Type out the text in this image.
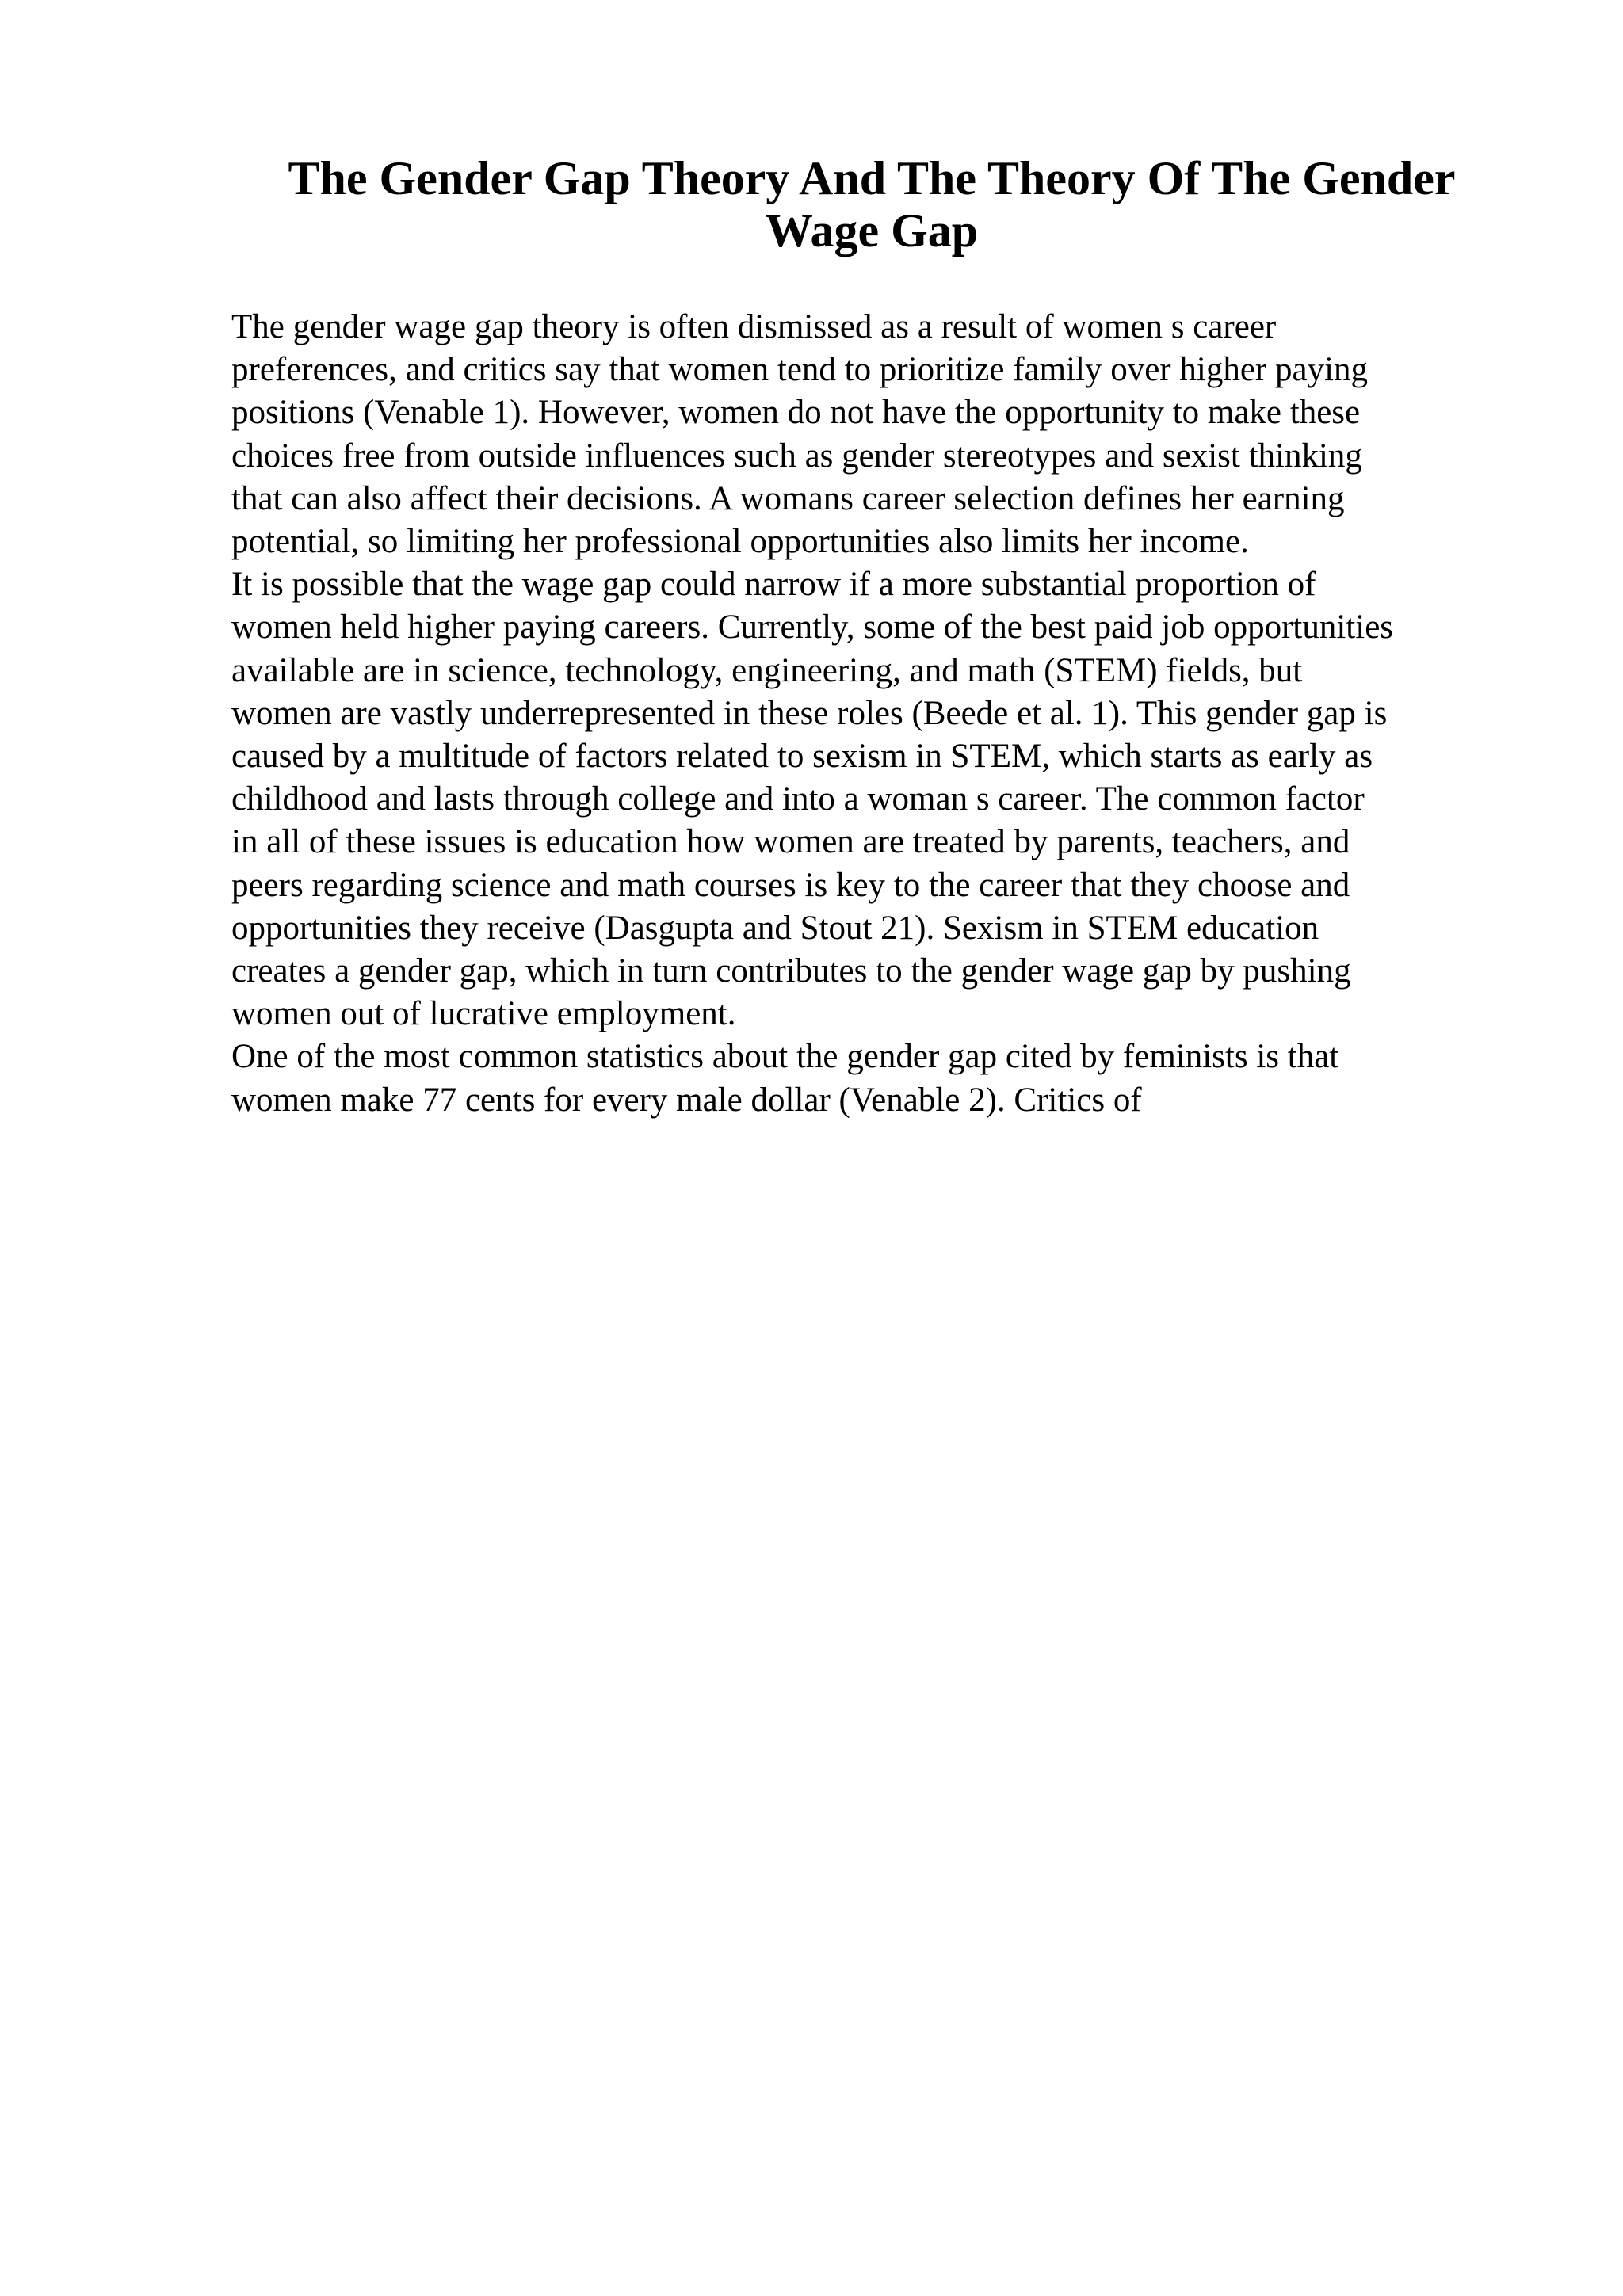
The Gender Gap Theory And The Theory Of The Gender Wage Gap

The gender wage gap theory is often dismissed as a result of women s career
preferences, and critics say that women tend to prioritize family over higher paying
positions (Venable 1). However, women do not have the opportunity to make these
choices free from outside influences such as gender stereotypes and sexist thinking
that can also affect their decisions. A womans career selection defines her earning
potential, so limiting her professional opportunities also limits her income.

It is possible that the wage gap could narrow if a more substantial proportion of
women held higher paying careers. Currently, some of the best paid job opportunities
available are in science, technology, engineering, and math (STEM) fields, but
women are vastly underrepresented in these roles (Beede et al. 1). This gender gap is
caused by a multitude of factors related to sexism in STEM, which starts as early as
childhood and lasts through college and into a woman s career. The common factor
in all of these issues is education how women are treated by parents, teachers, and
peers regarding science and math courses is key to the career that they choose and
opportunities they receive (Dasgupta and Stout 21). Sexism in STEM education
creates a gender gap, which in turn contributes to the gender wage gap by pushing
women out of lucrative employment.

One of the most common statistics about the gender gap cited by feminists is that
women make 77 cents for every male dollar (Venable 2). Critics of
